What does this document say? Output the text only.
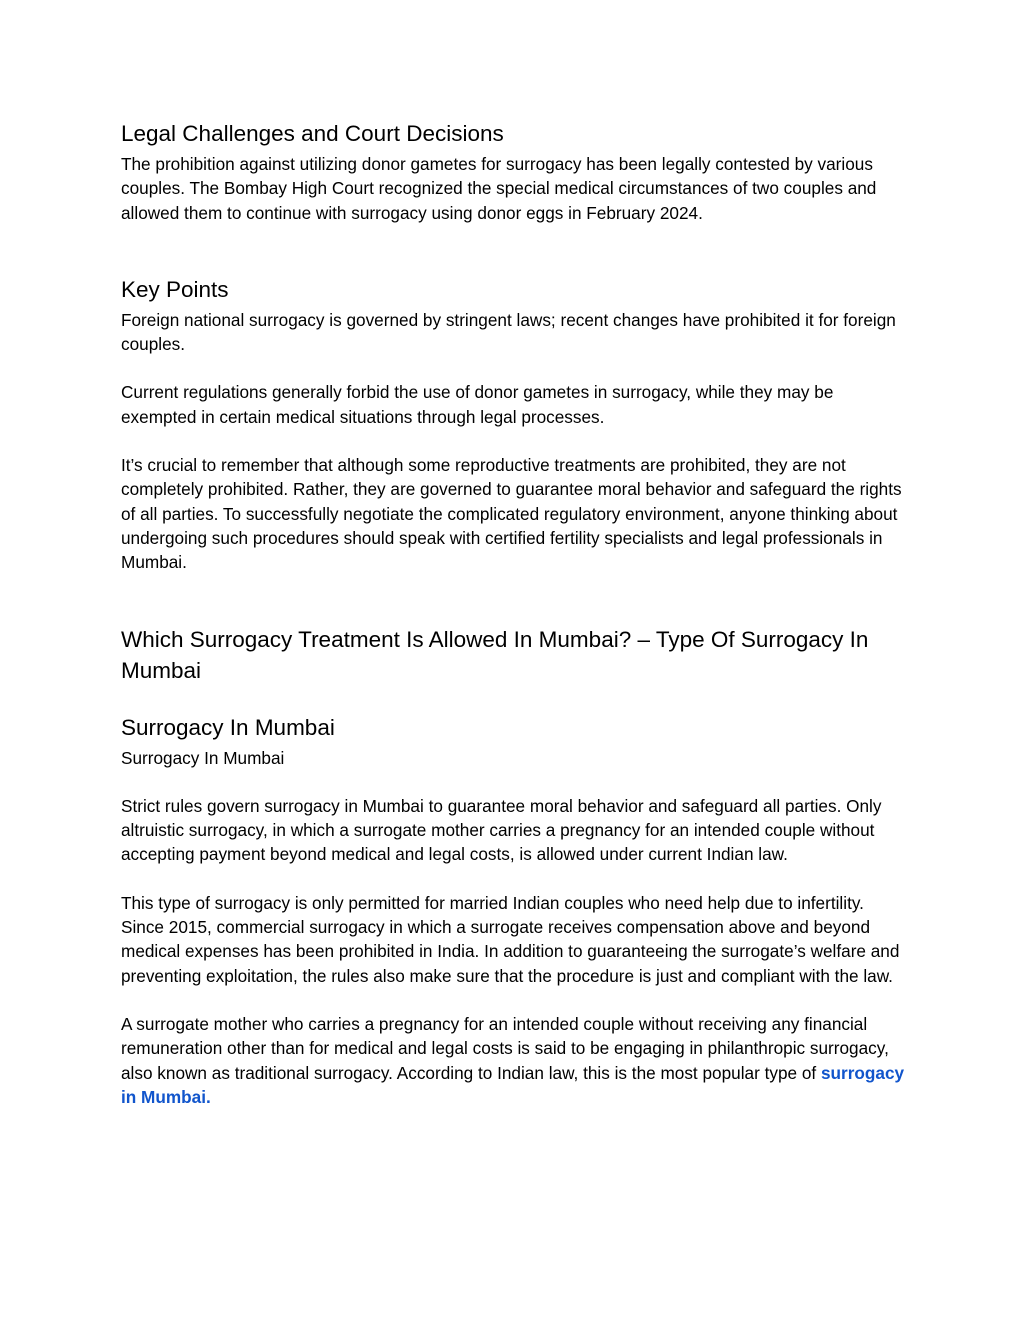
Legal Challenges and Court Decisions

The prohibition against utilizing donor gametes for surrogacy has been legally contested by various couples. The Bombay High Court recognized the special medical circumstances of two couples and allowed them to continue with surrogacy using donor eggs in February 2024.

Key Points

Foreign national surrogacy is governed by stringent laws; recent changes have prohibited it for foreign couples.

Current regulations generally forbid the use of donor gametes in surrogacy, while they may be exempted in certain medical situations through legal processes.

It’s crucial to remember that although some reproductive treatments are prohibited, they are not completely prohibited. Rather, they are governed to guarantee moral behavior and safeguard the rights of all parties. To successfully negotiate the complicated regulatory environment, anyone thinking about undergoing such procedures should speak with certified fertility specialists and legal professionals in Mumbai.

Which Surrogacy Treatment Is Allowed In Mumbai? – Type Of Surrogacy In Mumbai
Surrogacy In Mumbai

Surrogacy In Mumbai

Strict rules govern surrogacy in Mumbai to guarantee moral behavior and safeguard all parties. Only altruistic surrogacy, in which a surrogate mother carries a pregnancy for an intended couple without accepting payment beyond medical and legal costs, is allowed under current Indian law.

This type of surrogacy is only permitted for married Indian couples who need help due to infertility. Since 2015, commercial surrogacy in which a surrogate receives compensation above and beyond medical expenses has been prohibited in India. In addition to guaranteeing the surrogate’s welfare and preventing exploitation, the rules also make sure that the procedure is just and compliant with the law.

A surrogate mother who carries a pregnancy for an intended couple without receiving any financial remuneration other than for medical and legal costs is said to be engaging in philanthropic surrogacy, also known as traditional surrogacy. According to Indian law, this is the most popular type of surrogacy in Mumbai.
